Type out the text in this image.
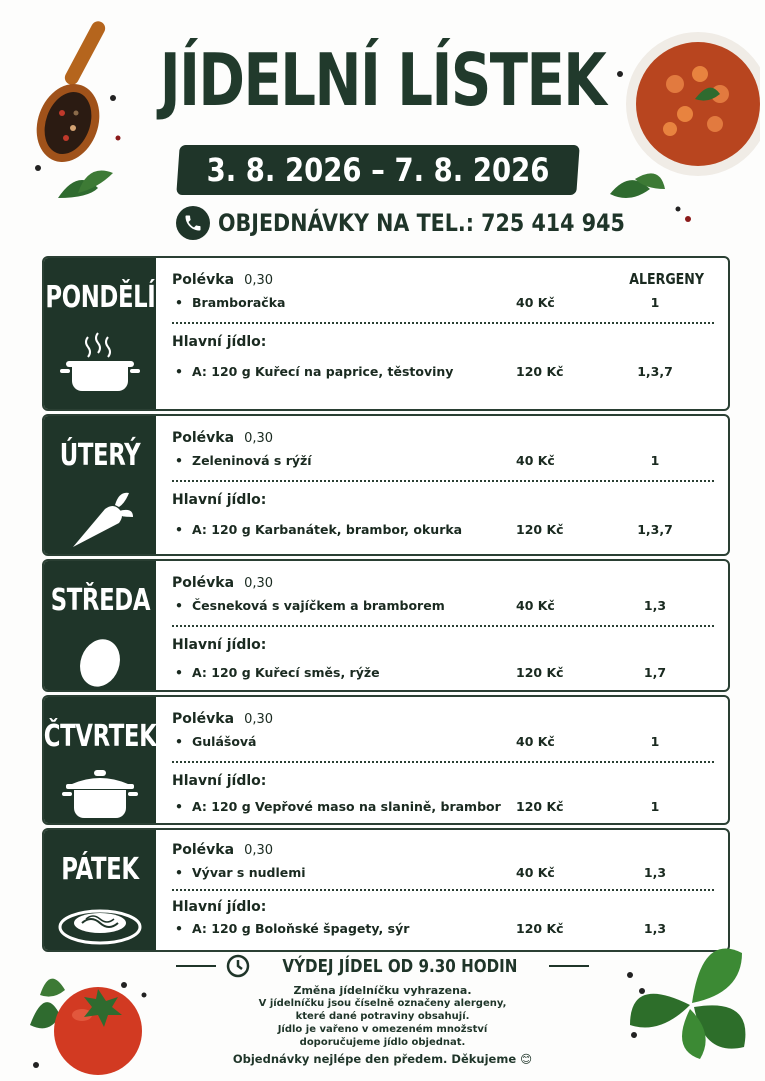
JÍDELNÍ LÍSTEK
3. 8. 2026 – 7. 8. 2026
OBJEDNÁVKY NA TEL.: 725 414 945
PONDĚLÍ
ALERGENY
Polévka 0,30
• Bramboračka	40 Kč	1
Hlavní jídlo:
• A: 120 g Kuřecí na paprice, těstoviny	120 Kč	1,3,7
ÚTERÝ Polévka 0,30
• Zeleninová s rýží	40 Kč	1
Hlavní jídlo:
• A: 120 g Karbanátek, brambor, okurka	120 Kč	1,3,7
STŘEDA Polévka 0,30
• Česneková s vajíčkem a bramborem	40 Kč	1,3
Hlavní jídlo:
• A: 120 g Kuřecí směs, rýže	120 Kč	1,7
ČTVRTEK Polévka 0,30
• Gulášová	40 Kč	1
Hlavní jídlo:
• A: 120 g Vepřové maso na slanině, brambor	120 Kč	1
PÁTEK
Polévka 0,30
• Vývar s nudlemi	40 Kč	1,3
Hlavní jídlo:
• A: 120 g Boloňské špagety, sýr	120 Kč	1,3
VÝDEJ JÍDEL OD 9.30 HODIN
Změna jídelníčku vyhrazena.
V jídelníčku jsou číselně označeny alergeny,
které dané potraviny obsahují.
Jídlo je vařeno v omezeném množství
doporučujeme jídlo objednat.
Objednávky nejlépe den předem. Děkujeme 😊
